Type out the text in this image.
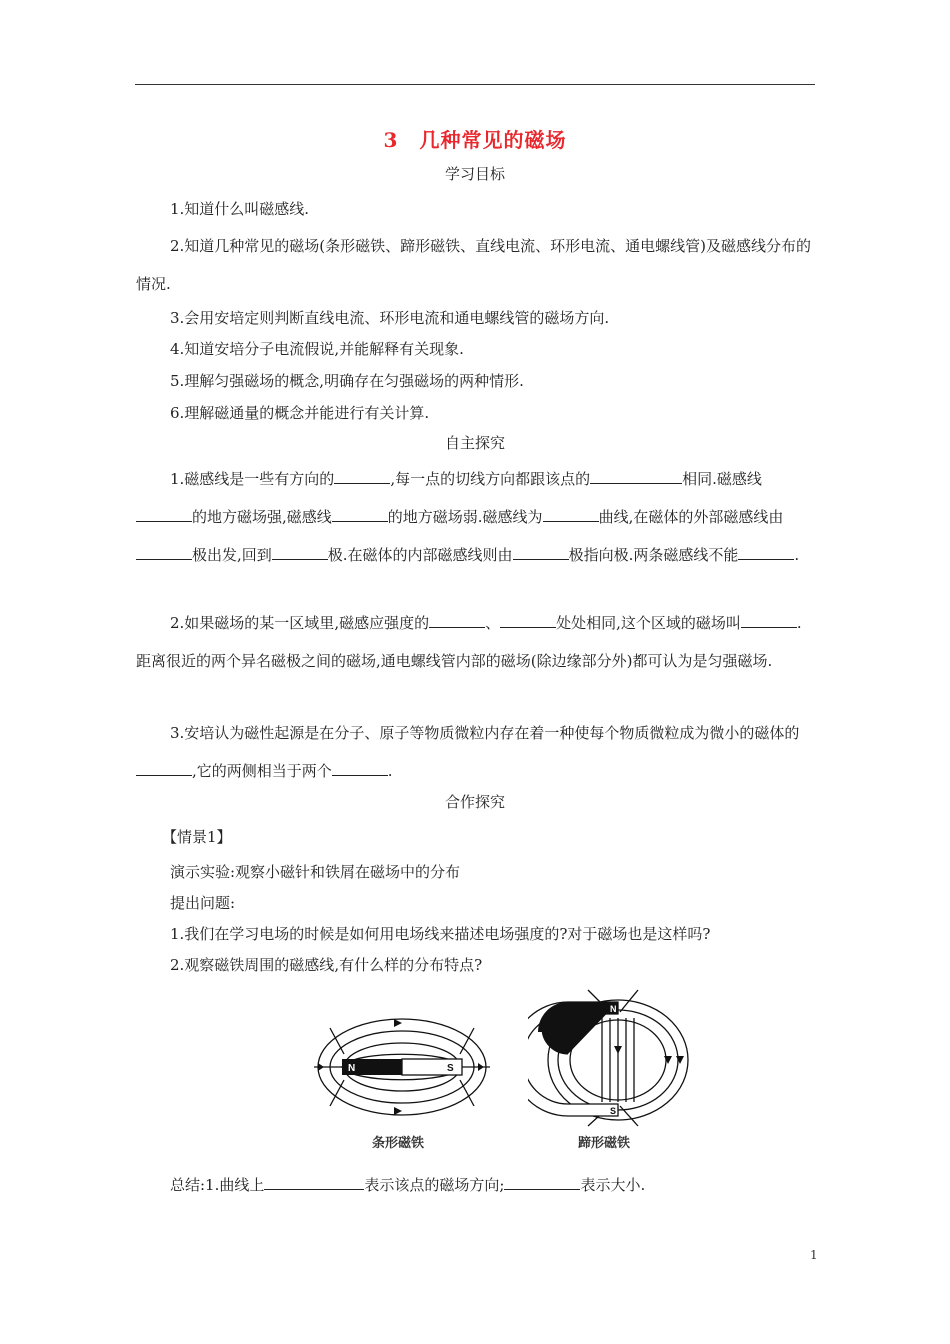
3　几种常见的磁场
学习目标
1.知道什么叫磁感线.
2.知道几种常见的磁场(条形磁铁、蹄形磁铁、直线电流、环形电流、通电螺线管)及磁感线分布的情况.
3.会用安培定则判断直线电流、环形电流和通电螺线管的磁场方向.
4.知道安培分子电流假说,并能解释有关现象.
5.理解匀强磁场的概念,明确存在匀强磁场的两种情形.
6.理解磁通量的概念并能进行有关计算.
自主探究
1.磁感线是一些有方向的	,每一点的切线方向都跟该点的	相同.磁感线的地方磁场强,磁感线	的地方磁场弱.磁感线为	曲线,在磁体的外部磁感线由极出发,回到	极.在磁体的内部磁感线则由	极指向极.两条磁感线不能	.
2.如果磁场的某一区域里,磁感应强度的	、	处处相同,这个区域的磁场叫	.距离很近的两个异名磁极之间的磁场,通电螺线管内部的磁场(除边缘部分外)都可认为是匀强磁场.
3.安培认为磁性起源是在分子、原子等物质微粒内存在着一种使每个物质微粒成为微小的磁体的,它的两侧相当于两个	.
合作探究
【情景1】
演示实验:观察小磁针和铁屑在磁场中的分布
提出问题:
1.我们在学习电场的时候是如何用电场线来描述电场强度的?对于磁场也是这样吗?
2.观察磁铁周围的磁感线,有什么样的分布特点?
N	S
条形磁铁
N
S
蹄形磁铁
总结:1.曲线上	表示该点的磁场方向;	表示大小.
1
